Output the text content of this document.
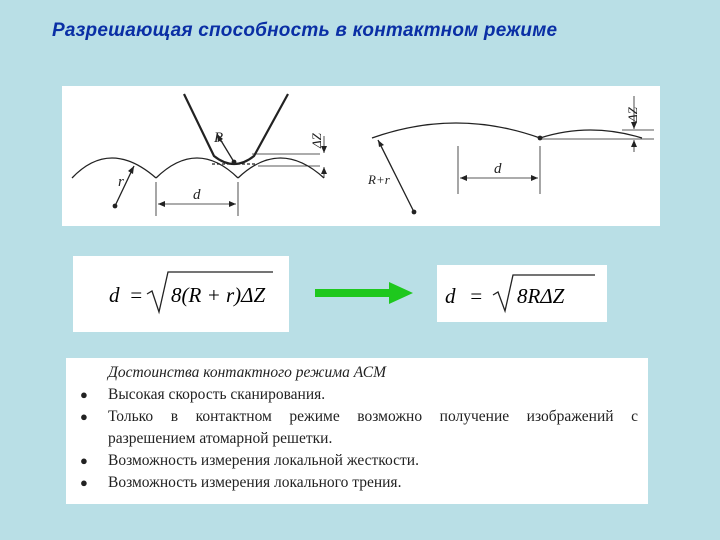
Разрешающая способность в контактном режиме
R
r
d
d
R+r
ΔZ
ΔZ
d = 8(R + r)ΔZ	d = 8RΔZ
Достоинства контактного режима АСМ
● Высокая скорость сканирования.
● Только в контактном режиме возможно получение изображений с
разрешением атомарной решетки.
● Возможность измерения локальной жесткости.
● Возможность измерения локального трения.
